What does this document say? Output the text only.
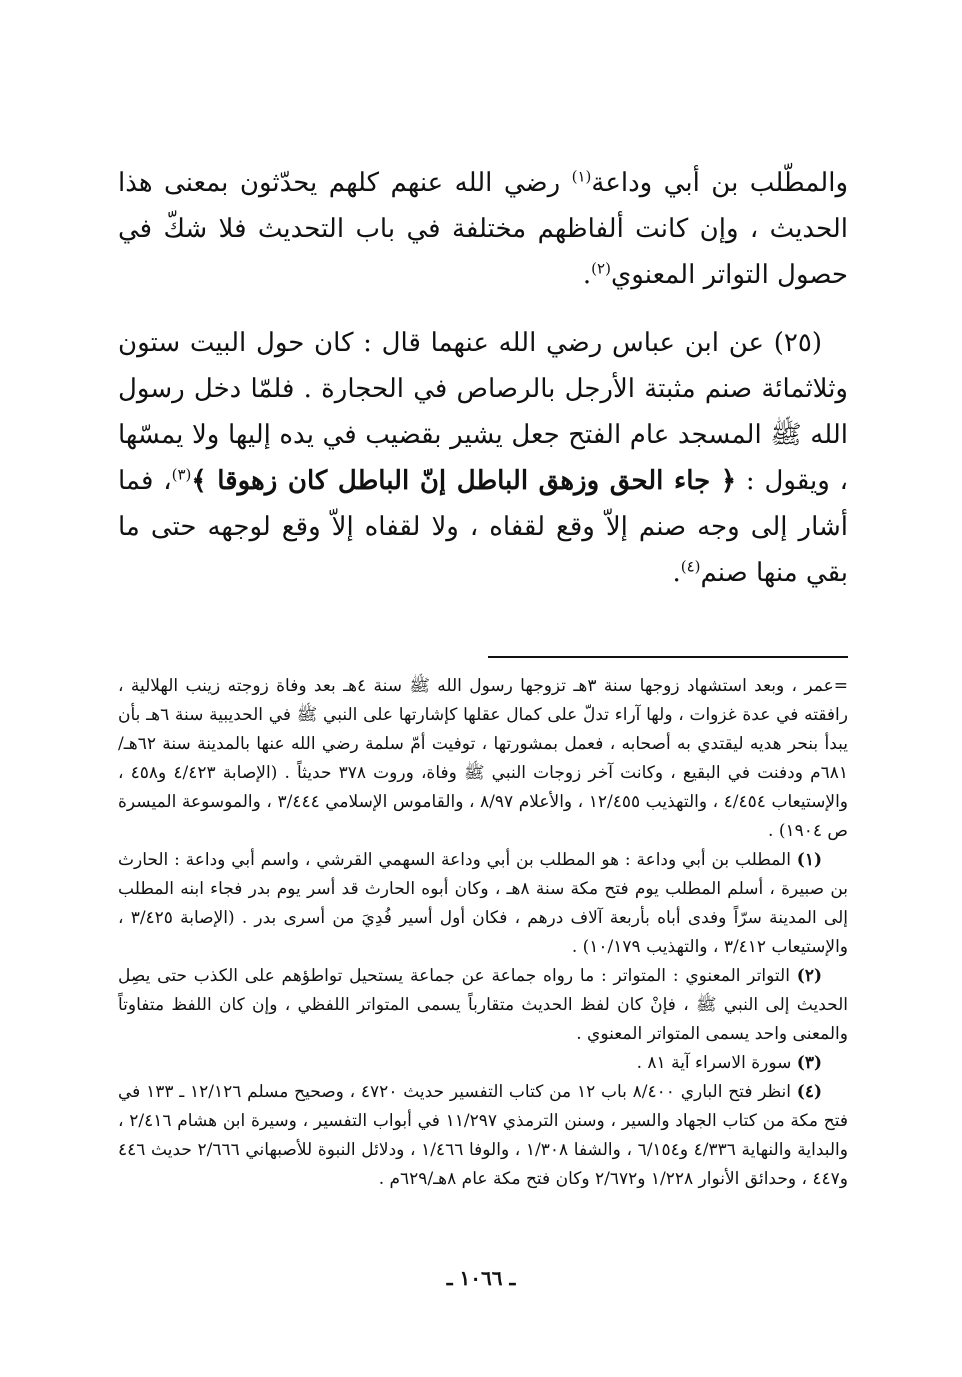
والمطّلب بن أبي وداعة$^{(١)}$ رضي الله عنهم كلهم يحدّثون بمعنى هذا الحديث ، وإن كانت ألفاظهم مختلفة في باب التحديث فلا شكّ في حصول التواتر المعنوي$^{(٢)}$.

(٢٥) عن ابن عباس رضي الله عنهما قال : كان حول البيت ستون وثلاثمائة صنم مثبتة الأرجل بالرصاص في الحجارة . فلمّا دخل رسول الله ﷺ المسجد عام الفتح جعل يشير بقضيب في يده إليها ولا يمسّها ، ويقول : ﴿ جاء الحق وزهق الباطل إنّ الباطل كان زهوقا ﴾$^{(٣)}$، فما أشار إلى وجه صنم إلاّ وقع لقفاه ، ولا لقفاه إلاّ وقع لوجهه حتى ما بقي منها صنم$^{(٤)}$.

=عمر ، وبعد استشهاد زوجها سنة ٣هـ تزوجها رسول الله ﷺ سنة ٤هـ بعد وفاة زوجته زينب الهلالية ، رافقته في عدة غزوات ، ولها آراء تدلّ على كمال عقلها كإشارتها على النبي ﷺ في الحديبية سنة ٦هـ بأن يبدأ بنحر هديه ليقتدي به أصحابه ، فعمل بمشورتها ، توفيت أمّ سلمة رضي الله عنها بالمدينة سنة ٦٢هـ/٦٨١م ودفنت في البقيع ، وكانت آخر زوجات النبي ﷺ وفاة، وروت ٣٧٨ حديثاً . (الإصابة ٤/٤٢٣ و٤٥٨ ، والإستيعاب ٤/٤٥٤ ، والتهذيب ١٢/٤٥٥ ، والأعلام ٨/٩٧ ، والقاموس الإسلامي ٣/٤٤٤ ، والموسوعة الميسرة ص ١٩٠٤) .

(١) المطلب بن أبي وداعة : هو المطلب بن أبي وداعة السهمي القرشي ، واسم أبي وداعة : الحارث بن صبيرة ، أسلم المطلب يوم فتح مكة سنة ٨هـ ، وكان أبوه الحارث قد أسر يوم بدر فجاء ابنه المطلب إلى المدينة سرّاً وفدى أباه بأربعة آلاف درهم ، فكان أول أسير فُدِيَ من أسرى بدر . (الإصابة ٣/٤٢٥ ، والإستيعاب ٣/٤١٢ ، والتهذيب ١٠/١٧٩) .

(٢) التواتر المعنوي : المتواتر : ما رواه جماعة عن جماعة يستحيل تواطؤهم على الكذب حتى يصِل الحديث إلى النبي ﷺ ، فإنْ كان لفظ الحديث متقارباً يسمى المتواتر اللفظي ، وإن كان اللفظ متفاوتاً والمعنى واحد يسمى المتواتر المعنوي .

(٣) سورة الاسراء آية ٨١ .

(٤) انظر فتح الباري ٨/٤٠٠ باب ١٢ من كتاب التفسير حديث ٤٧٢٠ ، وصحيح مسلم ١٢/١٢٦ ـ ١٣٣ في فتح مكة من كتاب الجهاد والسير ، وسنن الترمذي ١١/٢٩٧ في أبواب التفسير ، وسيرة ابن هشام ٢/٤١٦ ، والبداية والنهاية ٤/٣٣٦ و٦/١٥٤ ، والشفا ١/٣٠٨ ، والوفا ١/٤٦٦ ، ودلائل النبوة للأصبهاني ٢/٦٦٦ حديث ٤٤٦ و٤٤٧ ، وحدائق الأنوار ١/٢٢٨ و٢/٦٧٢ وكان فتح مكة عام ٨هـ/٦٢٩م .

ـ ١٠٦٦ ـ
